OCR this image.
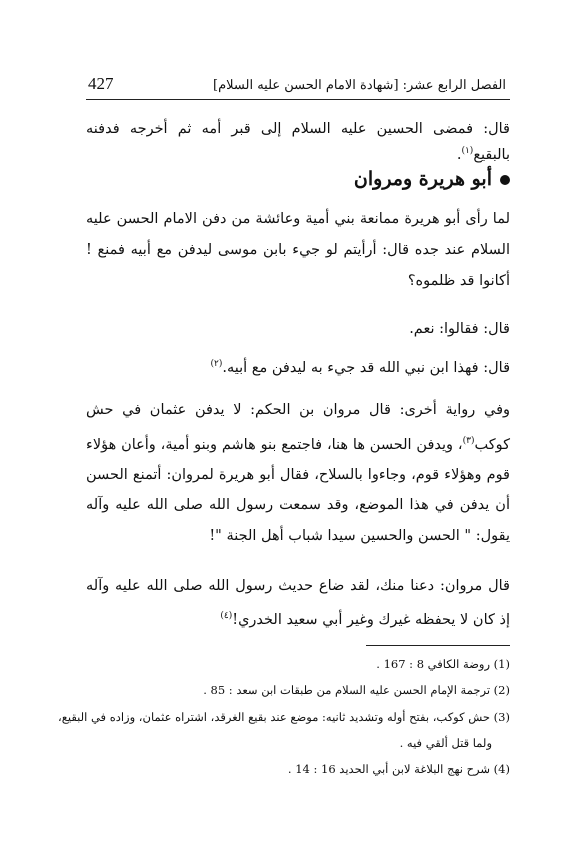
الفصل الرابع عشر: [شهادة الامام الحسن عليه السلام]
427

قال: فمضى الحسين عليه السلام إلى قبر أمه ثم أخرجه فدفنه بالبقيع$^{(١)}$.

أبو هريرة ومروان

لما رأى أبو هريرة ممانعة بني أمية وعائشة من دفن الامام الحسن عليه السلام عند جده قال: أرأيتم لو جيء بابن موسى ليدفن مع أبيه فمنع ! أكانوا قد ظلموه؟

قال: فقالوا: نعم.

قال: فهذا ابن نبي الله قد جيء به ليدفن مع أبيه.$^{(٢)}$

وفي رواية أخرى: قال مروان بن الحكم: لا يدفن عثمان في حش كوكب$^{(٣)}$، ويدفن الحسن ها هنا، فاجتمع بنو هاشم وبنو أمية، وأعان هؤلاء قوم وهؤلاء قوم، وجاءوا بالسلاح، فقال أبو هريرة لمروان: أتمنع الحسن أن يدفن في هذا الموضع، وقد سمعت رسول الله صلى الله عليه وآله يقول: " الحسن والحسين سيدا شباب أهل الجنة "!

قال مروان: دعنا منك، لقد ضاع حديث رسول الله صلى الله عليه وآله إذ كان لا يحفظه غيرك وغير أبي سعيد الخدري!$^{(٤)}$

(1) روضة الكافي 8 : 167 .

(2) ترجمة الإمام الحسن عليه السلام من طبقات ابن سعد : 85 .

(3) حش كوكب، بفتح أوله وتشديد ثانيه: موضع عند بقيع الغرقد، اشتراه عثمان، وزاده في البقيع،

ولما قتل ألقي فيه .

(4) شرح نهج البلاغة لابن أبي الحديد 16 : 14 .
